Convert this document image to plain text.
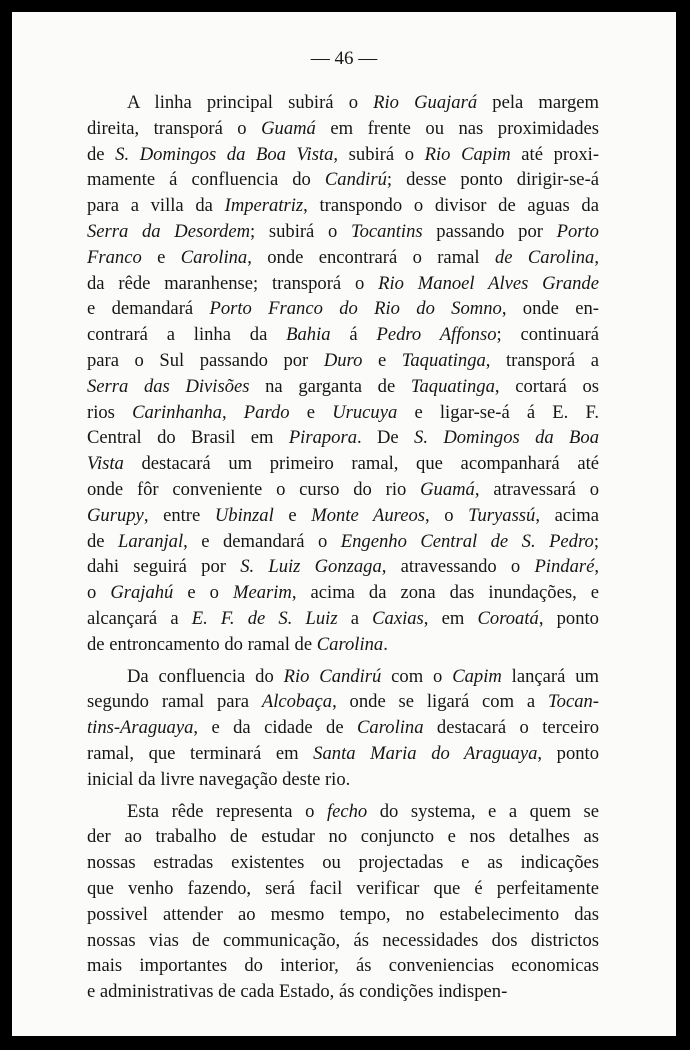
— 46 —
A linha principal subirá o Rio Guajará pela margem
direita, transporá o Guamá em frente ou nas proximidades
de S. Domingos da Boa Vista, subirá o Rio Capim até proxi-
mamente á confluencia do Candirú; desse ponto dirigir-se-á
para a villa da Imperatriz, transpondo o divisor de aguas da
Serra da Desordem; subirá o Tocantins passando por Porto
Franco e Carolina, onde encontrará o ramal de Carolina,
da rêde maranhense; transporá o Rio Manoel Alves Grande
e demandará Porto Franco do Rio do Somno, onde en-
contrará a linha da Bahia á Pedro Affonso; continuará
para o Sul passando por Duro e Taquatinga, transporá a
Serra das Divisões na garganta de Taquatinga, cortará os
rios Carinhanha, Pardo e Urucuya e ligar-se-á á E. F.
Central do Brasil em Pirapora. De S. Domingos da Boa
Vista destacará um primeiro ramal, que acompanhará até
onde fôr conveniente o curso do rio Guamá, atravessará o
Gurupy, entre Ubinzal e Monte Aureos, o Turyassú, acima
de Laranjal, e demandará o Engenho Central de S. Pedro;
dahi seguirá por S. Luiz Gonzaga, atravessando o Pindaré,
o Grajahú e o Mearim, acima da zona das inundações, e
alcançará a E. F. de S. Luiz a Caxias, em Coroatá, ponto
de entroncamento do ramal de Carolina.
Da confluencia do Rio Candirú com o Capim lançará um
segundo ramal para Alcobaça, onde se ligará com a Tocan-
tins-Araguaya, e da cidade de Carolina destacará o terceiro
ramal, que terminará em Santa Maria do Araguaya, ponto
inicial da livre navegação deste rio.
Esta rêde representa o fecho do systema, e a quem se
der ao trabalho de estudar no conjuncto e nos detalhes as
nossas estradas existentes ou projectadas e as indicações
que venho fazendo, será facil verificar que é perfeitamente
possivel attender ao mesmo tempo, no estabelecimento das
nossas vias de communicação, ás necessidades dos districtos
mais importantes do interior, ás conveniencias economicas
e administrativas de cada Estado, ás condições indispen-
